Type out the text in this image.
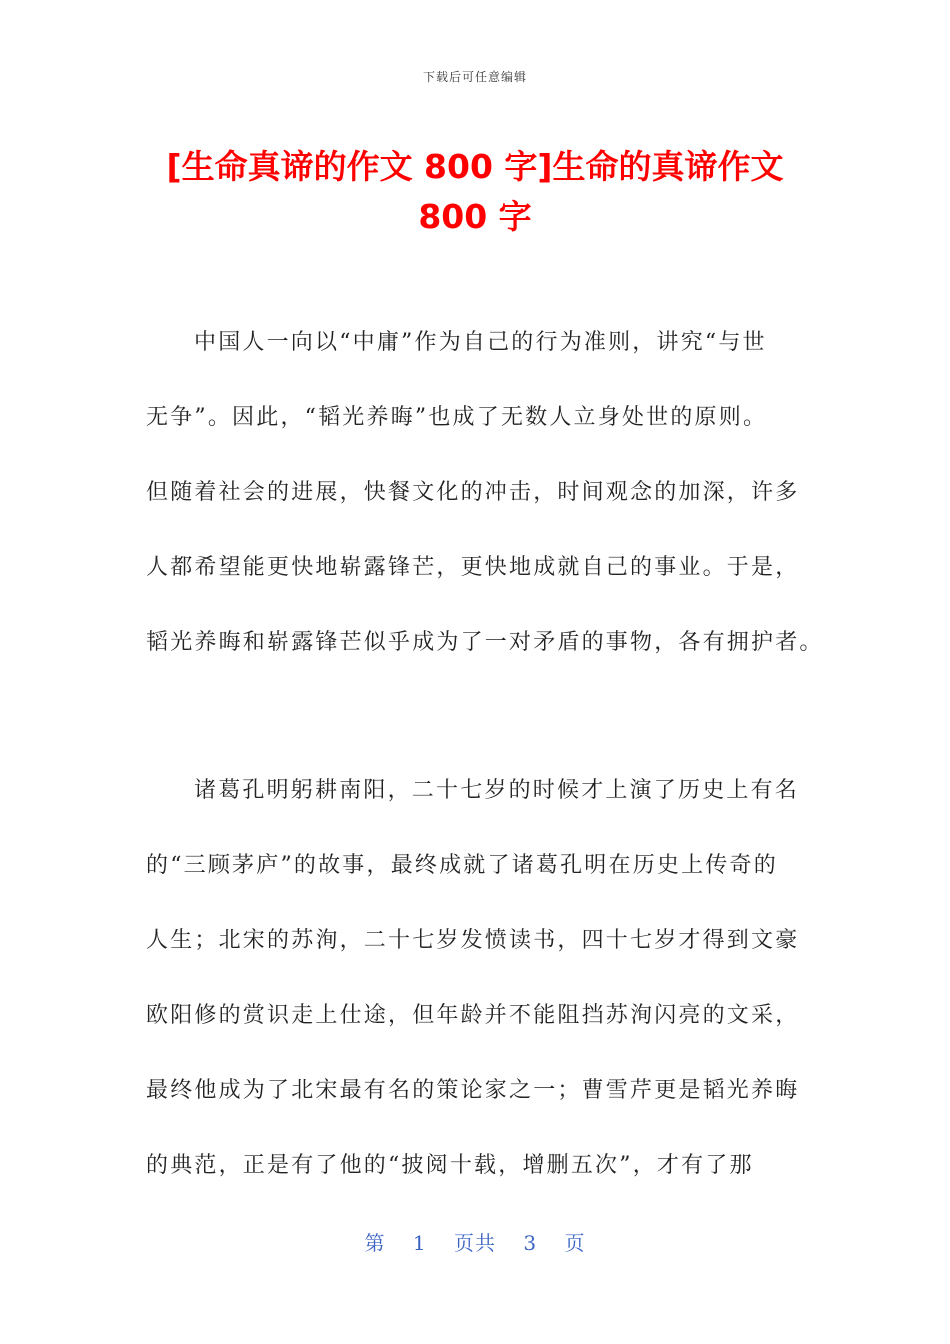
下载后可任意编辑
[生命真谛的作文 800 字]生命的真谛作文
800 字
中国人一向以“中庸”作为自己的行为准则，讲究“与世
无争”。因此，“韬光养晦”也成了无数人立身处世的原则。
但随着社会的进展，快餐文化的冲击，时间观念的加深，许多
人都希望能更快地崭露锋芒，更快地成就自己的事业。于是，
韬光养晦和崭露锋芒似乎成为了一对矛盾的事物，各有拥护者。
诸葛孔明躬耕南阳，二十七岁的时候才上演了历史上有名
的“三顾茅庐”的故事，最终成就了诸葛孔明在历史上传奇的
人生；北宋的苏洵，二十七岁发愤读书，四十七岁才得到文豪
欧阳修的赏识走上仕途，但年龄并不能阻挡苏洵闪亮的文采，
最终他成为了北宋最有名的策论家之一；曹雪芹更是韬光养晦
的典范，正是有了他的“披阅十载，增删五次”，才有了那
第 1 页共 3 页
